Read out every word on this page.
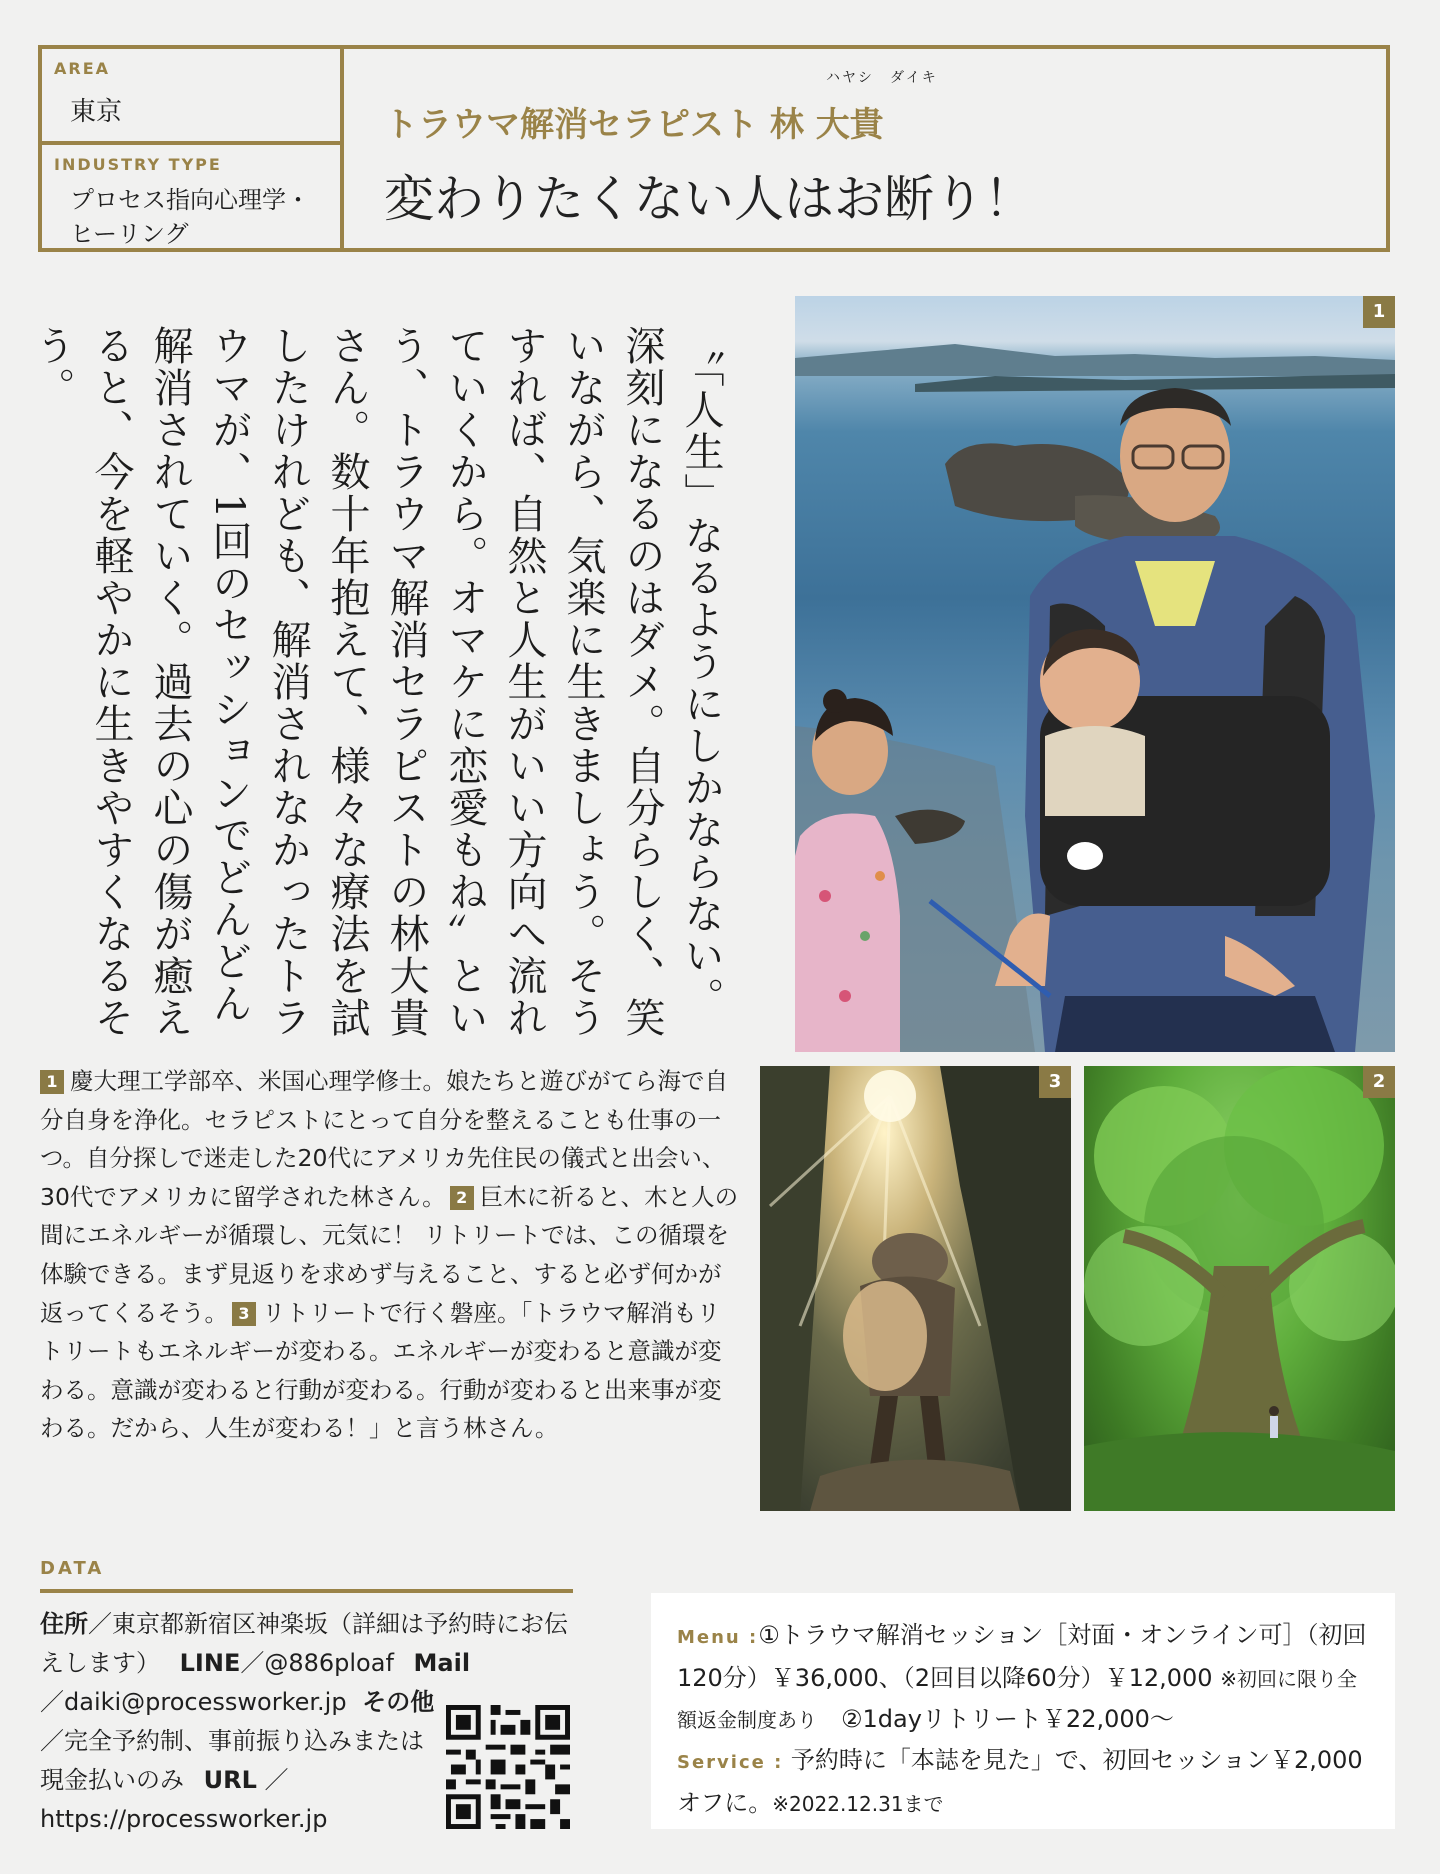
AREA
東京
INDUSTRY TYPE
プロセス指向心理学・
ヒーリング
ハヤシ ダイキ
トラウマ解消セラピスト 林 大貴
変わりたくない人はお断り！
〝「人生」なるようにしかならない。深刻になるのはダメ。自分らしく、笑いながら、気楽に生きましょう。そうすれば、自然と人生がいい方向へ流れていくから。オマケに恋愛もね〟という、トラウマ解消セラピストの林大貴さん。数十年抱えて、様々な療法を試したけれども、解消されなかったトラウマが、1回のセッションでどんどん解消されていく。過去の心の傷が癒えると、今を軽やかに生きやすくなるそう。
1
3	2
1 慶大理工学部卒、米国心理学修士。娘たちと遊びがてら海で自分自身を浄化。セラピストにとって自分を整えることも仕事の一つ。自分探しで迷走した20代にアメリカ先住民の儀式と出会い、30代でアメリカに留学された林さん。 2 巨木に祈ると、木と人の間にエネルギーが循環し、元気に！ リトリートでは、この循環を体験できる。まず見返りを求めず与えること、すると必ず何かが返ってくるそう。 3 リトリートで行く磐座。「トラウマ解消もリトリートもエネルギーが変わる。エネルギーが変わると意識が変わる。意識が変わると行動が変わる。行動が変わると出来事が変わる。だから、人生が変わる！」と言う林さん。
DATA
住所／東京都新宿区神楽坂（詳細は予約時にお伝えします） LINE／@886ploaf Mail
／daiki@processworker.jp その他／完全予約制、事前振り込みまたは現金払いのみ URL ／https://processworker.jp
Menu :①トラウマ解消セッション［対面・オンライン可］（初回120分）￥36,000、（2回目以降60分）￥12,000 ※初回に限り全額返金制度あり　②1dayリトリート￥22,000〜
Service : 予約時に「本誌を見た」で、初回セッション￥2,000オフに。※2022.12.31まで
